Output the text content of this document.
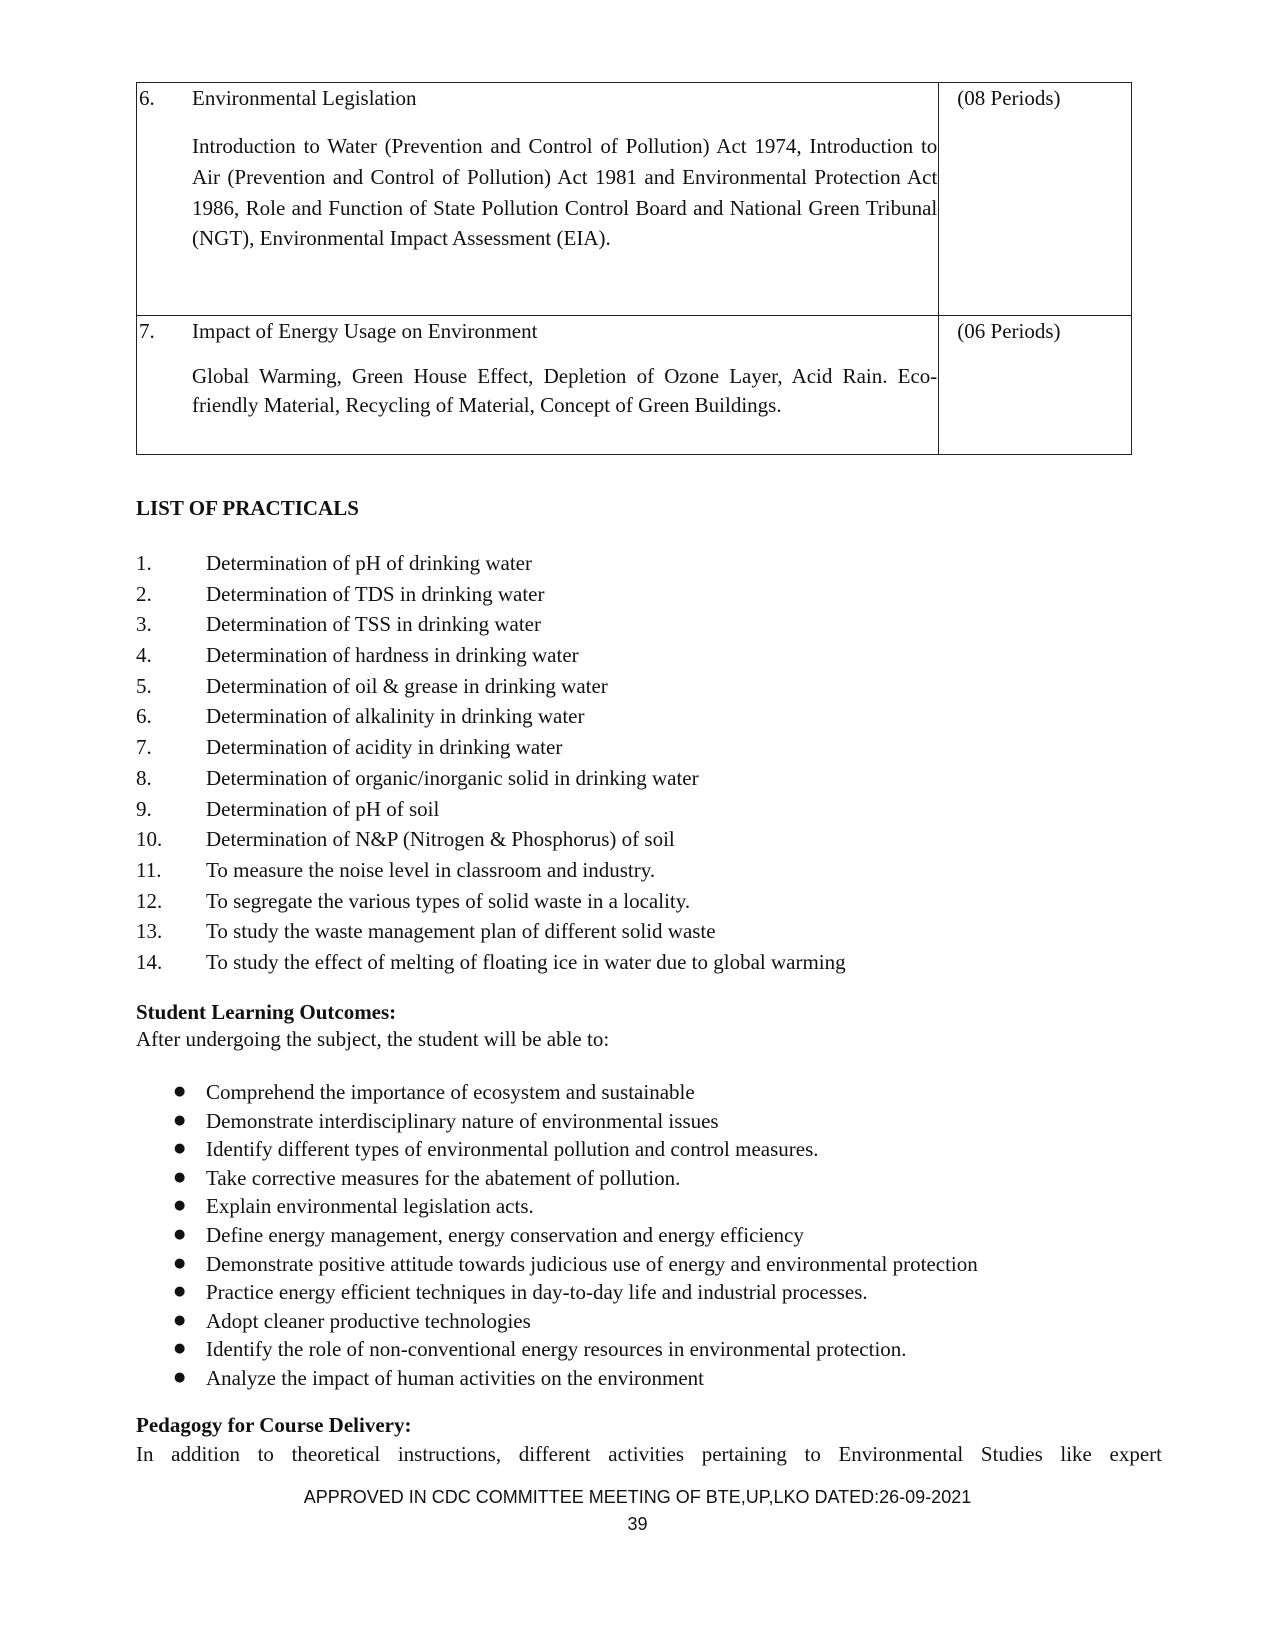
6. Environmental Legislation
Introduction to Water (Prevention and Control of Pollution) Act 1974, Introduction to Air (Prevention and Control of Pollution) Act 1981 and Environmental Protection Act 1986, Role and Function of State Pollution Control Board and National Green Tribunal (NGT), Environmental Impact Assessment (EIA).	(08 Periods)

7. Impact of Energy Usage on Environment
Global Warming, Green House Effect, Depletion of Ozone Layer, Acid Rain. Eco-friendly Material, Recycling of Material, Concept of Green Buildings.	(06 Periods)
LIST OF PRACTICALS
1.	Determination of pH of drinking water
2.	Determination of TDS in drinking water
3.	Determination of TSS in drinking water
4.	Determination of hardness in drinking water
5.	Determination of oil & grease in drinking water
6.	Determination of alkalinity in drinking water
7.	Determination of acidity in drinking water
8.	Determination of organic/inorganic solid in drinking water
9.	Determination of pH of soil
10.	Determination of N&P (Nitrogen & Phosphorus) of soil
11.	To measure the noise level in classroom and industry.
12.	To segregate the various types of solid waste in a locality.
13.	To study the waste management plan of different solid waste
14.	To study the effect of melting of floating ice in water due to global warming
Student Learning Outcomes:
After undergoing the subject, the student will be able to:
● Comprehend the importance of ecosystem and sustainable
● Demonstrate interdisciplinary nature of environmental issues
● Identify different types of environmental pollution and control measures.
● Take corrective measures for the abatement of pollution.
● Explain environmental legislation acts.
● Define energy management, energy conservation and energy efficiency
● Demonstrate positive attitude towards judicious use of energy and environmental protection
● Practice energy efficient techniques in day-to-day life and industrial processes.
● Adopt cleaner productive technologies
● Identify the role of non-conventional energy resources in environmental protection.
● Analyze the impact of human activities on the environment
Pedagogy for Course Delivery:
In addition to theoretical instructions, different activities pertaining to Environmental Studies like expert
APPROVED IN CDC COMMITTEE MEETING OF BTE,UP,LKO DATED:26-09-2021
39
